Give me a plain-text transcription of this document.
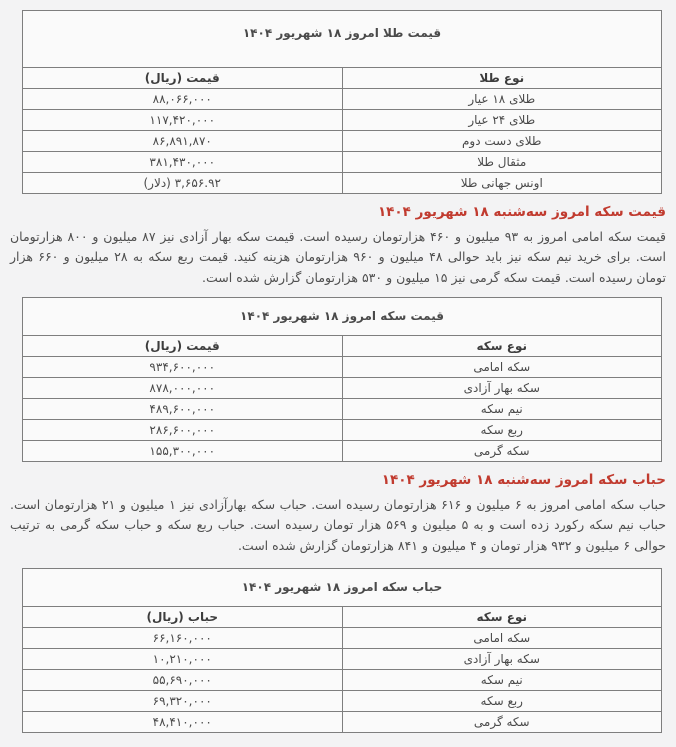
قیمت طلا امروز ۱۸ شهریور ۱۴۰۴	
نوع طلا	قیمت (ریال)
طلای ۱۸ عیار	۸۸,۰۶۶,۰۰۰
طلای ۲۴ عیار	۱۱۷,۴۲۰,۰۰۰
طلای دست دوم	۸۶,۸۹۱,۸۷۰
مثقال طلا	۳۸۱,۴۳۰,۰۰۰
اونس جهانی طلا	۳,۶۵۶.۹۲ (دلار)
قیمت سکه امروز سه‌شنبه ۱۸ شهریور ۱۴۰۴

قیمت سکه امامی امروز به ۹۳ میلیون و ۴۶۰ هزارتومان رسیده است. قیمت سکه بهار آزادی نیز ۸۷ میلیون و ۸۰۰ هزارتومان است. برای خرید نیم سکه نیز باید حوالی ۴۸ میلیون و ۹۶۰ هزارتومان هزینه کنید. قیمت ربع سکه به ۲۸ میلیون و ۶۶۰ هزار تومان رسیده است. قیمت سکه گرمی نیز ۱۵ میلیون و ۵۳۰ هزارتومان گزارش شده است.

قیمت سکه امروز ۱۸ شهریور ۱۴۰۴	
نوع سکه	قیمت (ریال)
سکه امامی	۹۳۴,۶۰۰,۰۰۰
سکه بهار آزادی	۸۷۸,۰۰۰,۰۰۰
نیم سکه	۴۸۹,۶۰۰,۰۰۰
ربع سکه	۲۸۶,۶۰۰,۰۰۰
سکه گرمی	۱۵۵,۳۰۰,۰۰۰
حباب سکه امروز سه‌شنبه ۱۸ شهریور ۱۴۰۴

حباب سکه امامی امروز به ۶ میلیون و ۶۱۶ هزارتومان رسیده است. حباب سکه بهارآزادی نیز ۱ میلیون و ۲۱ هزارتومان است. حباب نیم سکه رکورد زده است و به ۵ میلیون و ۵۶۹ هزار تومان رسیده است. حباب ربع سکه و حباب سکه گرمی به ترتیب حوالی ۶ میلیون و ۹۳۲ هزار تومان و ۴ میلیون و ۸۴۱ هزارتومان گزارش شده است.

حباب سکه امروز ۱۸ شهریور ۱۴۰۴	
نوع سکه	حباب (ریال)
سکه امامی	۶۶,۱۶۰,۰۰۰
سکه بهار آزادی	۱۰,۲۱۰,۰۰۰
نیم سکه	۵۵,۶۹۰,۰۰۰
ربع سکه	۶۹,۳۲۰,۰۰۰
سکه گرمی	۴۸,۴۱۰,۰۰۰
